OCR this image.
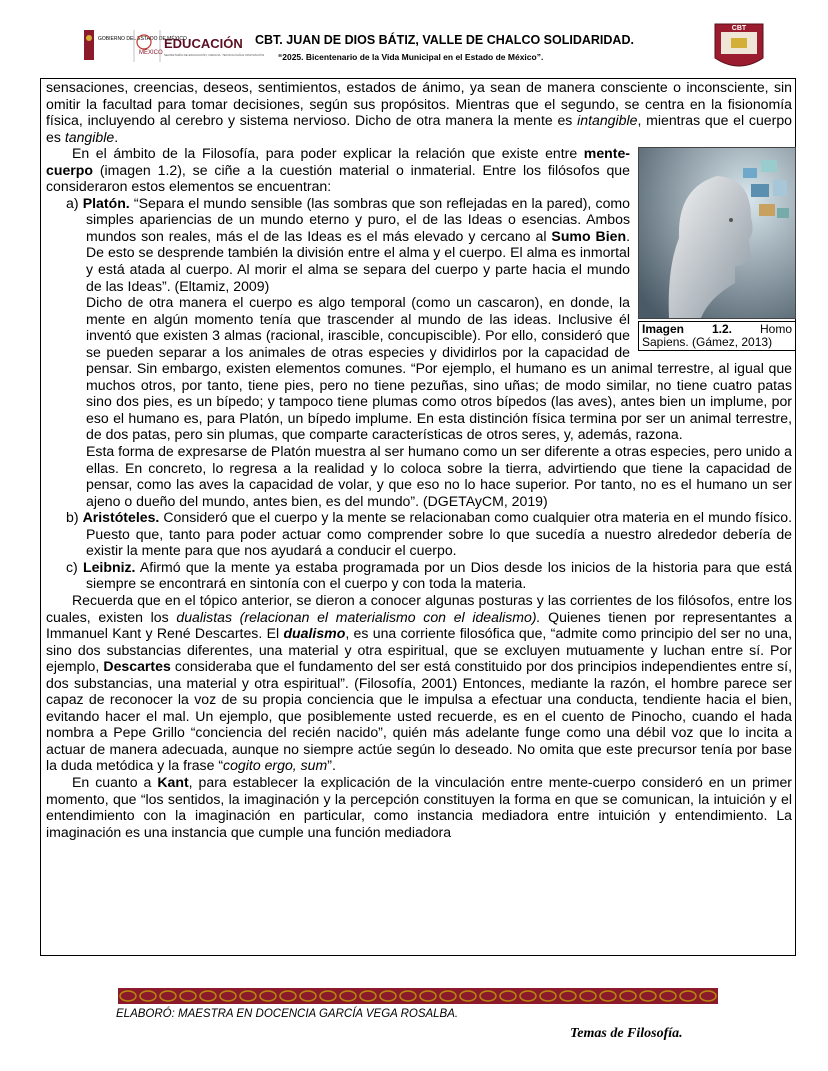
GOBIERNO DEL ESTADO DE MÉXICO
MÉXICO
EDUCACIÓN
SECRETARÍA DE EDUCACIÓN, CIENCIA, TECNOLOGÍA E INNOVACIÓN
CBT. JUAN DE DIOS BÁTIZ, VALLE DE CHALCO SOLIDARIDAD.
“2025. Bicentenario de la Vida Municipal en el Estado de México”.
CBT

sensaciones, creencias, deseos, sentimientos, estados de ánimo, ya sean de manera consciente o inconsciente, sin omitir la facultad para tomar decisiones, según sus propósitos. Mientras que el segundo, se centra en la fisionomía física, incluyendo al cerebro y sistema nervioso. Dicho de otra manera la mente es intangible, mientras que el cuerpo es tangible.

Imagen 1.2. Homo Sapiens. (Gámez, 2013)

En el ámbito de la Filosofía, para poder explicar la relación que existe entre mente-cuerpo (imagen 1.2), se ciñe a la cuestión material o inmaterial. Entre los filósofos que consideraron estos elementos se encuentran:

a) Platón. “Separa el mundo sensible (las sombras que son reflejadas en la pared), como simples apariencias de un mundo eterno y puro, el de las Ideas o esencias. Ambos mundos son reales, más el de las Ideas es el más elevado y cercano al Sumo Bien. De esto se desprende también la división entre el alma y el cuerpo. El alma es inmortal y está atada al cuerpo. Al morir el alma se separa del cuerpo y parte hacia el mundo de las Ideas”. (Eltamiz, 2009)

Dicho de otra manera el cuerpo es algo temporal (como un cascaron), en donde, la mente en algún momento tenía que trascender al mundo de las ideas. Inclusive él inventó que existen 3 almas (racional, irascible, concupiscible). Por ello, consideró que se pueden separar a los animales de otras especies y dividirlos por la capacidad de pensar. Sin embargo, existen elementos comunes. “Por ejemplo, el humano es un animal terrestre, al igual que muchos otros, por tanto, tiene pies, pero no tiene pezuñas, sino uñas; de modo similar, no tiene cuatro patas sino dos pies, es un bípedo; y tampoco tiene plumas como otros bípedos (las aves), antes bien un implume, por eso el humano es, para Platón, un bípedo implume. En esta distinción física termina por ser un animal terrestre, de dos patas, pero sin plumas, que comparte características de otros seres, y, además, razona.

Esta forma de expresarse de Platón muestra al ser humano como un ser diferente a otras especies, pero unido a ellas. En concreto, lo regresa a la realidad y lo coloca sobre la tierra, advirtiendo que tiene la capacidad de pensar, como las aves la capacidad de volar, y que eso no lo hace superior. Por tanto, no es el humano un ser ajeno o dueño del mundo, antes bien, es del mundo”. (DGETAyCM, 2019)

b) Aristóteles. Consideró que el cuerpo y la mente se relacionaban como cualquier otra materia en el mundo físico. Puesto que, tanto para poder actuar como comprender sobre lo que sucedía a nuestro alrededor debería de existir la mente para que nos ayudará a conducir el cuerpo.

c) Leibniz. Afirmó que la mente ya estaba programada por un Dios desde los inicios de la historia para que está siempre se encontrará en sintonía con el cuerpo y con toda la materia.

Recuerda que en el tópico anterior, se dieron a conocer algunas posturas y las corrientes de los filósofos, entre los cuales, existen los dualistas (relacionan el materialismo con el idealismo). Quienes tienen por representantes a Immanuel Kant y René Descartes. El dualismo, es una corriente filosófica que, “admite como principio del ser no una, sino dos substancias diferentes, una material y otra espiritual, que se excluyen mutuamente y luchan entre sí. Por ejemplo, Descartes consideraba que el fundamento del ser está constituido por dos principios independientes entre sí, dos substancias, una material y otra espiritual”. (Filosofía, 2001) Entonces, mediante la razón, el hombre parece ser capaz de reconocer la voz de su propia conciencia que le impulsa a efectuar una conducta, tendiente hacia el bien, evitando hacer el mal. Un ejemplo, que posiblemente usted recuerde, es en el cuento de Pinocho, cuando el hada nombra a Pepe Grillo “conciencia del recién nacido”, quién más adelante funge como una débil voz que lo incita a actuar de manera adecuada, aunque no siempre actúe según lo deseado. No omita que este precursor tenía por base la duda metódica y la frase “cogito ergo, sum”.

En cuanto a Kant, para establecer la explicación de la vinculación entre mente-cuerpo consideró en un primer momento, que “los sentidos, la imaginación y la percepción constituyen la forma en que se comunican, la intuición y el entendimiento con la imaginación en particular, como instancia mediadora entre intuición y entendimiento. La imaginación es una instancia que cumple una función mediadora

ELABORÓ: MAESTRA EN DOCENCIA GARCÍA VEGA ROSALBA.
Temas de Filosofía.
